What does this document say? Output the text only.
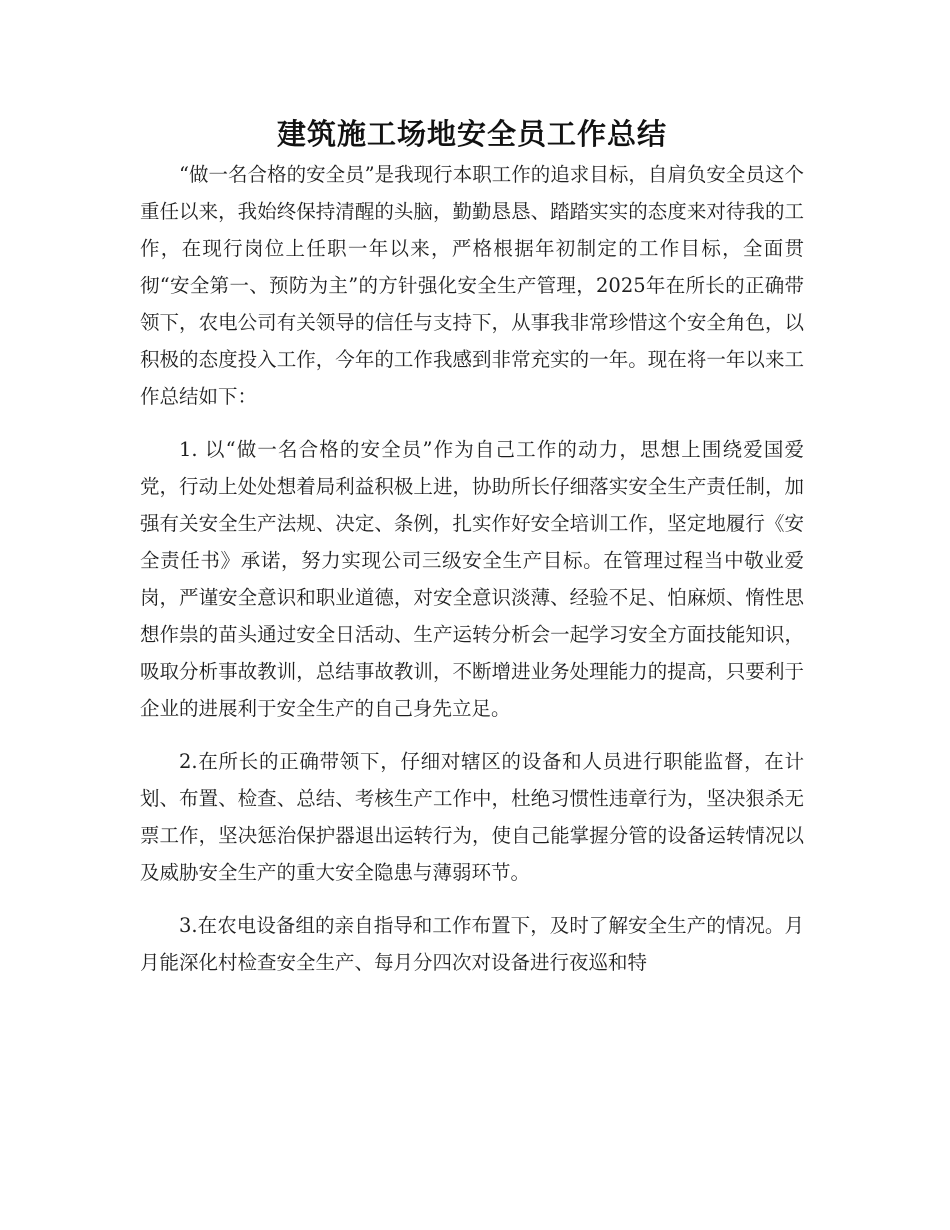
建筑施工场地安全员工作总结

“做一名合格的安全员”是我现行本职工作的追求目标，自肩负安全员这个重任以来，我始终保持清醒的头脑，勤勤恳恳、踏踏实实的态度来对待我的工作，在现行岗位上任职一年以来，严格根据年初制定的工作目标，全面贯彻“安全第一、预防为主”的方针强化安全生产管理，2025年在所长的正确带领下，农电公司有关领导的信任与支持下，从事我非常珍惜这个安全角色，以积极的态度投入工作，今年的工作我感到非常充实的一年。现在将一年以来工作总结如下：

1. 以“做一名合格的安全员”作为自己工作的动力，思想上围绕爱国爱党，行动上处处想着局利益积极上进，协助所长仔细落实安全生产责任制，加强有关安全生产法规、决定、条例，扎实作好安全培训工作，坚定地履行《安全责任书》承诺，努力实现公司三级安全生产目标。在管理过程当中敬业爱岗，严谨安全意识和职业道德，对安全意识淡薄、经验不足、怕麻烦、惰性思想作祟的苗头通过安全日活动、生产运转分析会一起学习安全方面技能知识，吸取分析事故教训，总结事故教训，不断增进业务处理能力的提高，只要利于企业的进展利于安全生产的自己身先立足。

2.在所长的正确带领下，仔细对辖区的设备和人员进行职能监督，在计划、布置、检查、总结、考核生产工作中，杜绝习惯性违章行为，坚决狠杀无票工作，坚决惩治保护器退出运转行为，使自己能掌握分管的设备运转情况以及威胁安全生产的重大安全隐患与薄弱环节。

3.在农电设备组的亲自指导和工作布置下，及时了解安全生产的情况。月月能深化村检查安全生产、每月分四次对设备进行夜巡和特
